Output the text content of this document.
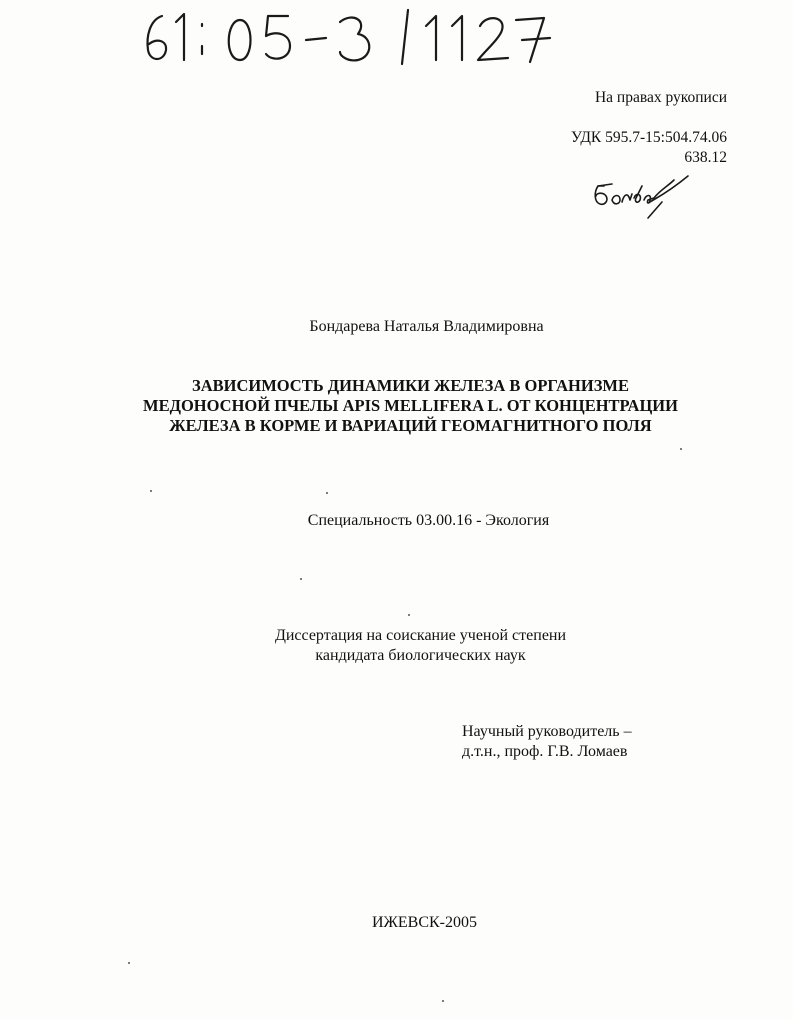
На правах рукописи
УДК 595.7-15:504.74.06
638.12
Бондарева Наталья Владимировна
ЗАВИСИМОСТЬ ДИНАМИКИ ЖЕЛЕЗА В ОРГАНИЗМЕ
МЕДОНОСНОЙ ПЧЕЛЫ APIS MELLIFERA L. ОТ КОНЦЕНТРАЦИИ
ЖЕЛЕЗА В КОРМЕ И ВАРИАЦИЙ ГЕОМАГНИТНОГО ПОЛЯ
Специальность 03.00.16 - Экология
Диссертация на соискание ученой степени
кандидата биологических наук
Научный руководитель –
д.т.н., проф. Г.В. Ломаев
ИЖЕВСК-2005
